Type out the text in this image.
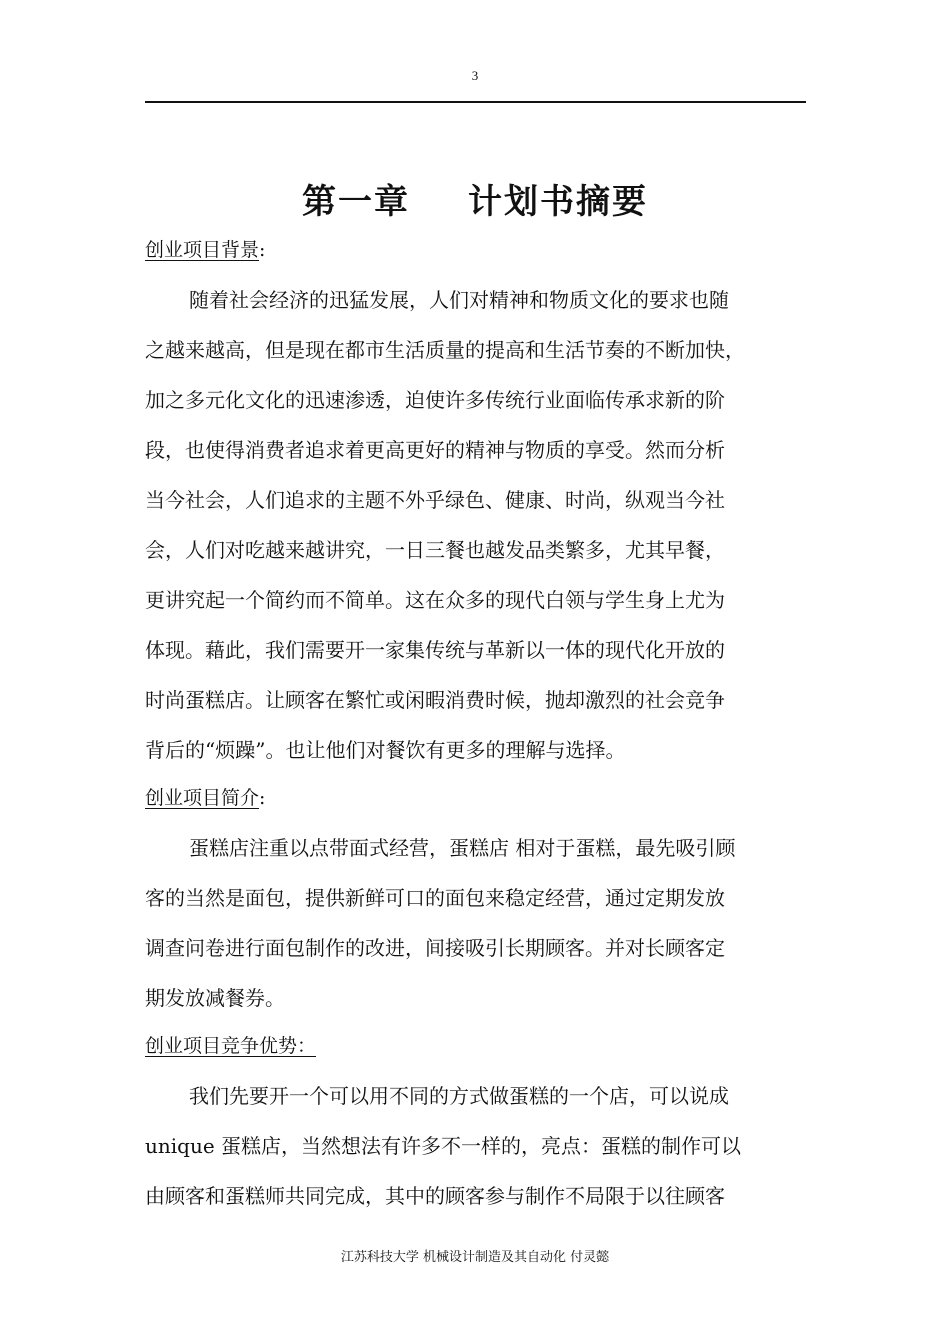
3
第一章 计划书摘要
创业项目背景:
随着社会经济的迅猛发展，人们对精神和物质文化的要求也随
之越来越高，但是现在都市生活质量的提高和生活节奏的不断加快，
加之多元化文化的迅速渗透，迫使许多传统行业面临传承求新的阶
段，也使得消费者追求着更高更好的精神与物质的享受。然而分析
当今社会，人们追求的主题不外乎绿色、健康、时尚，纵观当今社
会，人们对吃越来越讲究，一日三餐也越发品类繁多，尤其早餐，
更讲究起一个简约而不简单。这在众多的现代白领与学生身上尤为
体现。藉此，我们需要开一家集传统与革新以一体的现代化开放的
时尚蛋糕店。让顾客在繁忙或闲暇消费时候，抛却激烈的社会竞争
背后的“烦躁”。也让他们对餐饮有更多的理解与选择。
创业项目简介:
蛋糕店注重以点带面式经营，蛋糕店 相对于蛋糕，最先吸引顾
客的当然是面包，提供新鲜可口的面包来稳定经营，通过定期发放
调查问卷进行面包制作的改进，间接吸引长期顾客。并对长顾客定
期发放减餐券。
创业项目竞争优势：
我们先要开一个可以用不同的方式做蛋糕的一个店，可以说成
unique 蛋糕店，当然想法有许多不一样的，亮点：蛋糕的制作可以
由顾客和蛋糕师共同完成，其中的顾客参与制作不局限于以往顾客
江苏科技大学 机械设计制造及其自动化 付灵懿
